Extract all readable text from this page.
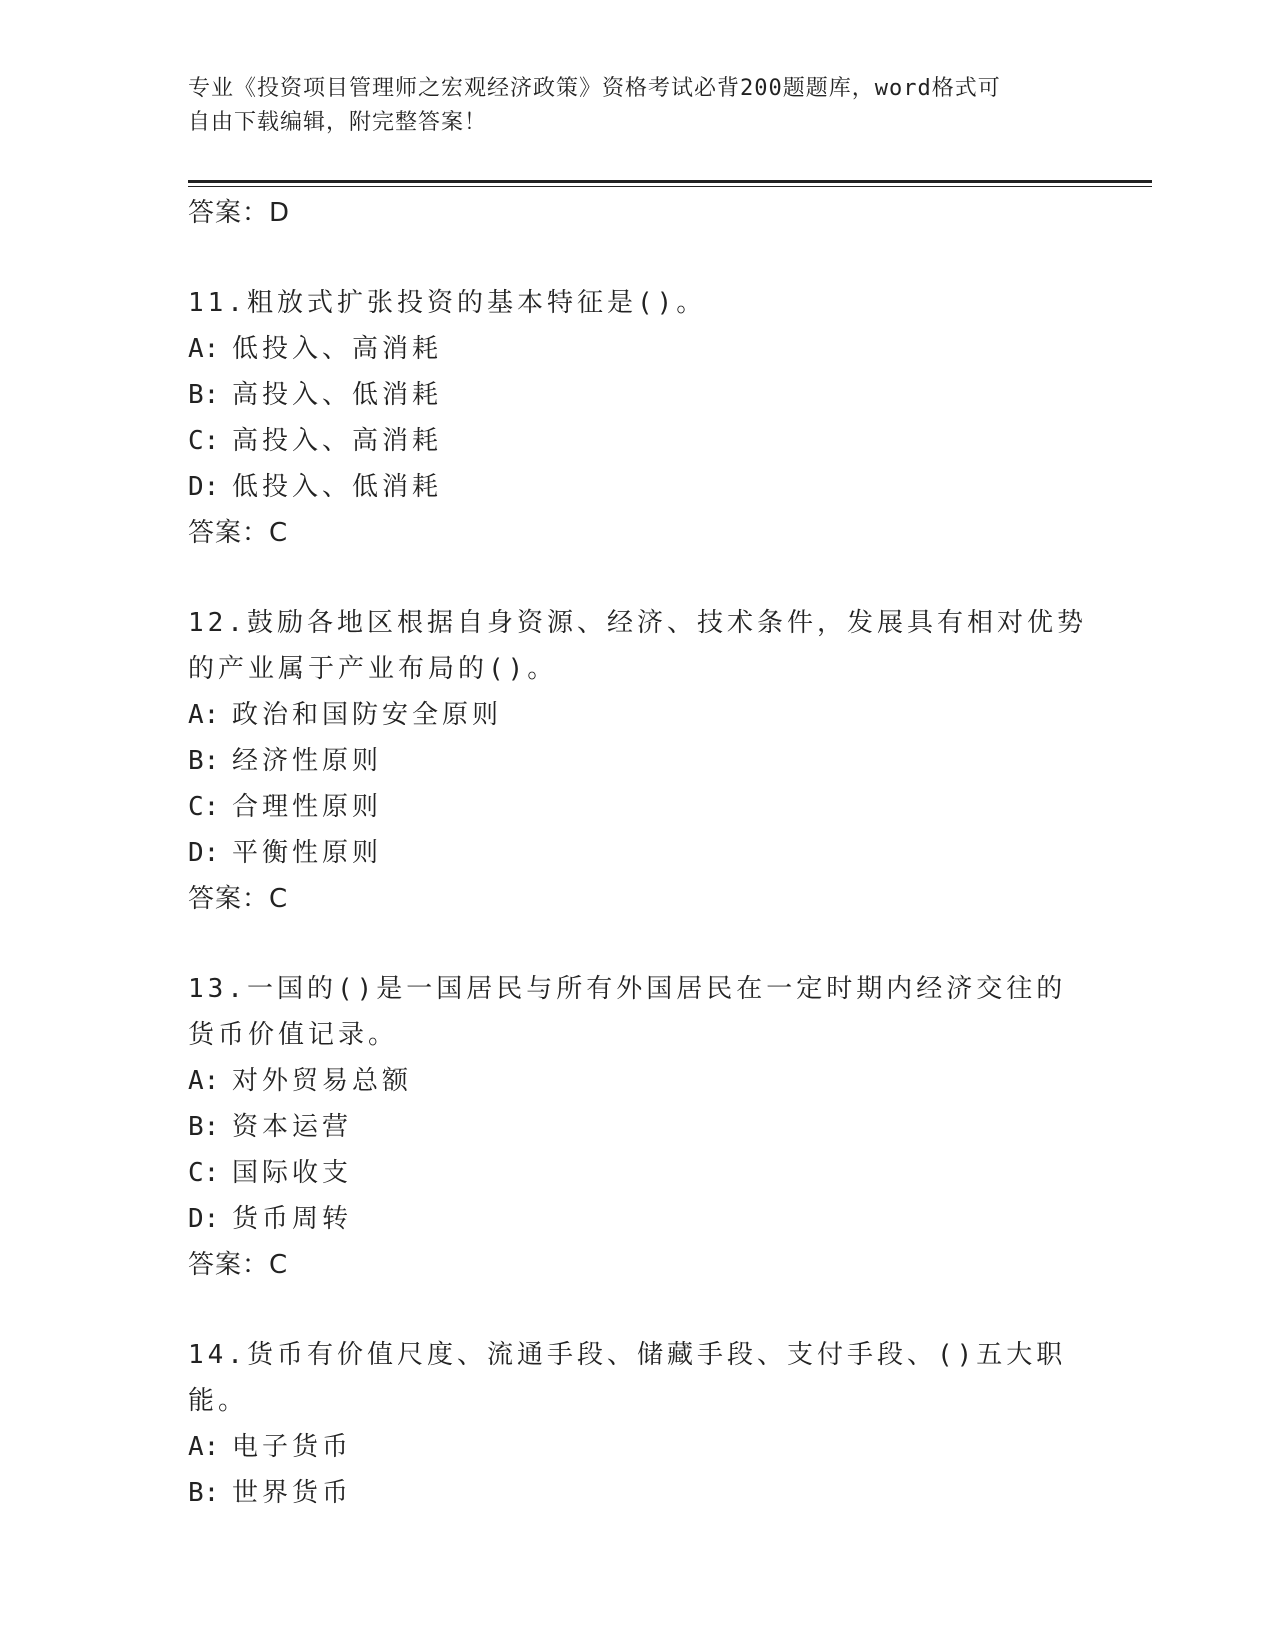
专业《投资项目管理师之宏观经济政策》资格考试必背200题题库，word格式可
自由下载编辑，附完整答案！
答案：D
11.粗放式扩张投资的基本特征是()。
A: 低投入、高消耗
B: 高投入、低消耗
C: 高投入、高消耗
D: 低投入、低消耗
答案：C
12.鼓励各地区根据自身资源、经济、技术条件，发展具有相对优势的产业属于产业布局的()。
A: 政治和国防安全原则
B: 经济性原则
C: 合理性原则
D: 平衡性原则
答案：C
13.一国的()是一国居民与所有外国居民在一定时期内经济交往的货币价值记录。
A: 对外贸易总额
B: 资本运营
C: 国际收支
D: 货币周转
答案：C
14.货币有价值尺度、流通手段、储藏手段、支付手段、()五大职能。
A: 电子货币
B: 世界货币
